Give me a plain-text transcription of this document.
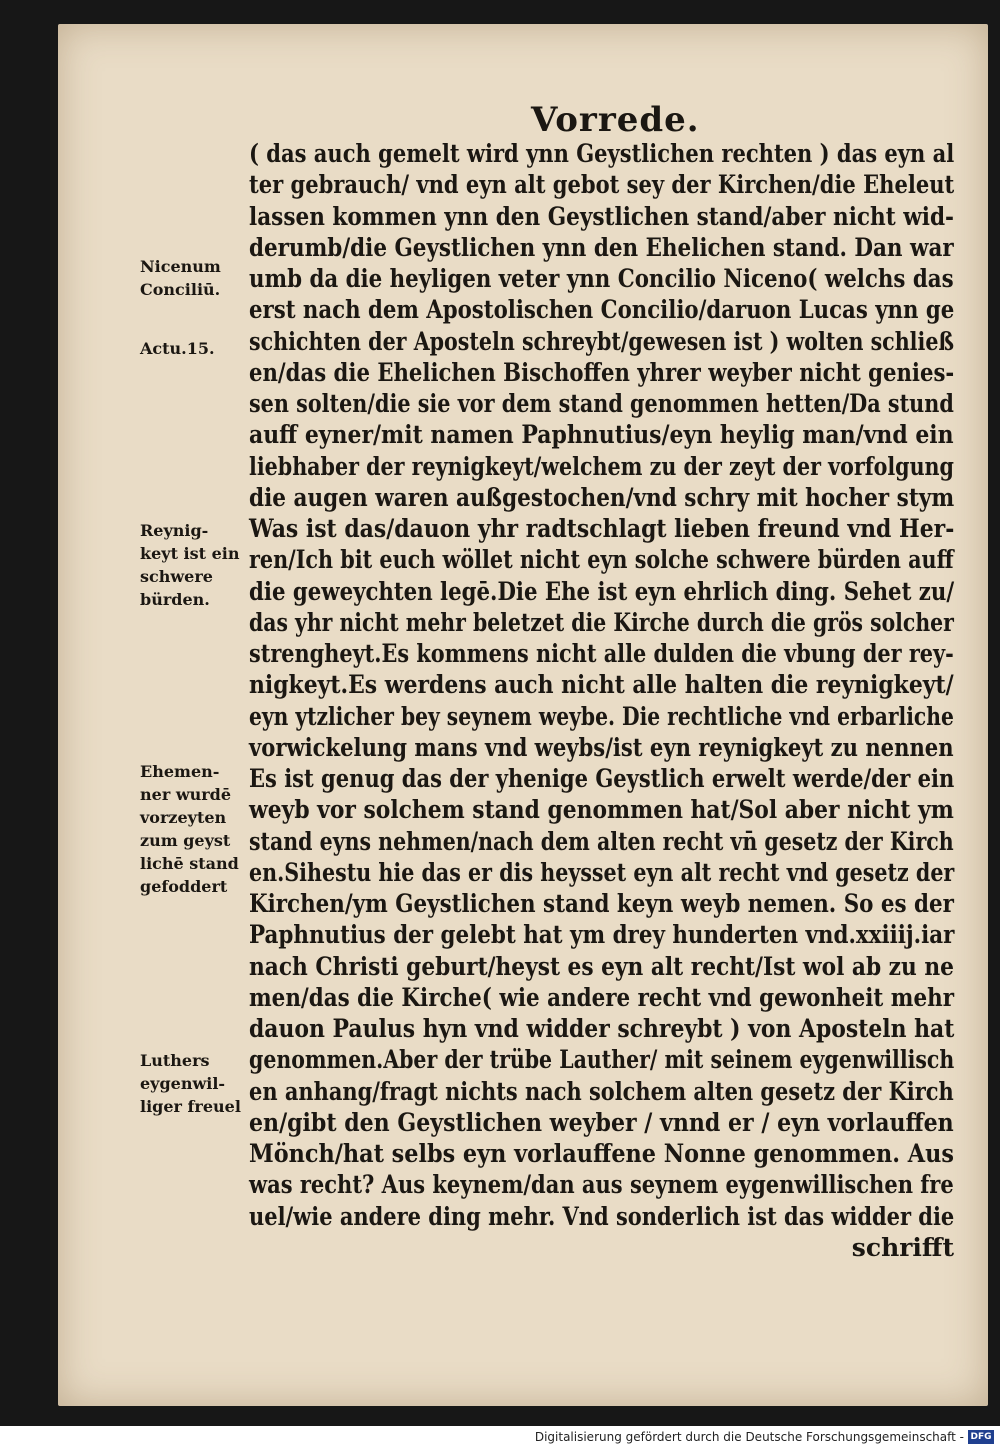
Vorrede.
( das auch gemelt wird ynn Geystlichen rechten ) das eyn al
ter gebrauch/ vnd eyn alt gebot sey der Kirchen/die Eheleut
lassen kommen ynn den Geystlichen stand/aber nicht wid-
derumb/die Geystlichen ynn den Ehelichen stand. Dan war
umb da die heyligen veter ynn Concilio Niceno( welchs das
erst nach dem Apostolischen Concilio/daruon Lucas ynn ge
schichten der Aposteln schreybt/gewesen ist ) wolten schließ
en/das die Ehelichen Bischoffen yhrer weyber nicht genies-
sen solten/die sie vor dem stand genommen hetten/Da stund
auff eyner/mit namen Paphnutius/eyn heylig man/vnd ein
liebhaber der reynigkeyt/welchem zu der zeyt der vorfolgung
die augen waren außgestochen/vnd schry mit hocher stym
Was ist das/dauon yhr radtschlagt lieben freund vnd Her-
ren/Ich bit euch wöllet nicht eyn solche schwere bürden auff
die geweychten legē.Die Ehe ist eyn ehrlich ding. Sehet zu/
das yhr nicht mehr beletzet die Kirche durch die grös solcher
strengheyt.Es kommens nicht alle dulden die vbung der rey-
nigkeyt.Es werdens auch nicht alle halten die reynigkeyt/
eyn ytzlicher bey seynem weybe. Die rechtliche vnd erbarliche
vorwickelung mans vnd weybs/ist eyn reynigkeyt zu nennen
Es ist genug das der yhenige Geystlich erwelt werde/der ein
weyb vor solchem stand genommen hat/Sol aber nicht ym
stand eyns nehmen/nach dem alten recht vn̄ gesetz der Kirch
en.Sihestu hie das er dis heysset eyn alt recht vnd gesetz der
Kirchen/ym Geystlichen stand keyn weyb nemen. So es der
Paphnutius der gelebt hat ym drey hunderten vnd.xxiiij.iar
nach Christi geburt/heyst es eyn alt recht/Ist wol ab zu ne
men/das die Kirche( wie andere recht vnd gewonheit mehr
dauon Paulus hyn vnd widder schreybt ) von Aposteln hat
genommen.Aber der trübe Lauther/ mit seinem eygenwillisch
en anhang/fragt nichts nach solchem alten gesetz der Kirch
en/gibt den Geystlichen weyber / vnnd er / eyn vorlauffen
Mönch/hat selbs eyn vorlauffene Nonne genommen. Aus
was recht? Aus keynem/dan aus seynem eygenwillischen fre
uel/wie andere ding mehr. Vnd sonderlich ist das widder die
schrifft
Nicenum
Conciliū.
Actu.15.
Reynig-
keyt ist ein
schwere
bürden.
Ehemen-
ner wurdē
vorzeyten
zum geyst
lichē stand
gefoddert
Luthers
eygenwil-
liger freuel
Digitalisierung gefördert durch die Deutsche Forschungsgemeinschaft - DFG
